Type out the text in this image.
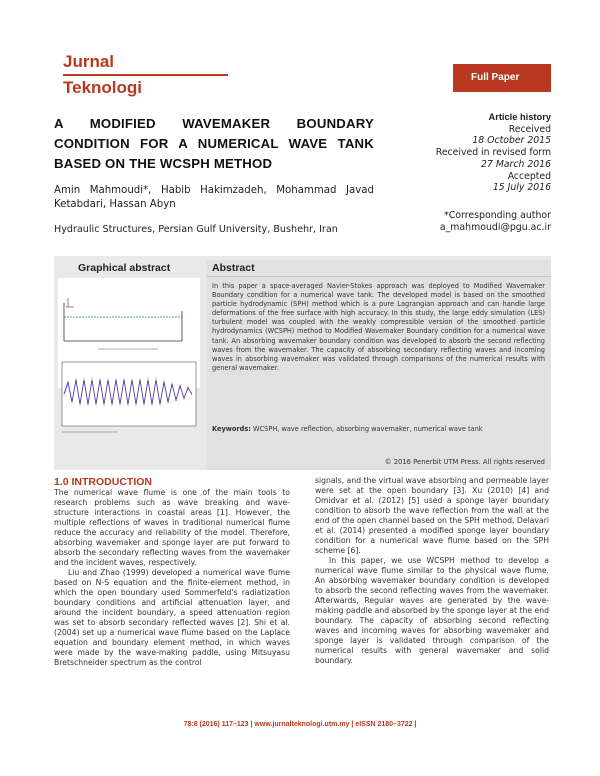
Jurnal
Teknologi
Full Paper
A MODIFIED WAVEMAKER BOUNDARY CONDITION FOR A NUMERICAL WAVE TANK BASED ON THE WCSPH METHOD
Amin Mahmoudi*, Habib Hakimzadeh, Mohammad Javad Ketabdari, Hassan Abyn
Hydraulic Structures, Persian Gulf University, Bushehr, Iran
Article history
Received
18 October 2015
Received in revised form
27 March 2016
Accepted
15 July 2016
*Corresponding author
a_mahmoudi@pgu.ac.ir
Graphical abstract	Abstract
In this paper a space-averaged Navier-Stokes approach was deployed to Modified Wavemaker Boundary condition for a numerical wave tank. The developed model is based on the smoothed particle hydrodynamic (SPH) method which is a pure Lagrangian approach and can handle large deformations of the free surface with high accuracy. In this study, the large eddy simulation (LES) turbulent model was coupled with the weakly compressible version of the smoothed particle hydrodynamics (WCSPH) method to Modified Wavemaker Boundary condition for a numerical wave tank. An absorbing wavemaker boundary condition was developed to absorb the second reflecting waves from the wavemaker. The capacity of absorbing secondary reflecting waves and incoming waves in absorbing wavemaker was validated through comparisons of the numerical results with general wavemaker.
Keywords: WCSPH, wave reflection, absorbing wavemaker, numerical wave tank
© 2016 Penerbit UTM Press. All rights reserved
1.0 INTRODUCTION

The numerical wave flume is one of the main tools to research problems such as wave breaking and wave-structure interactions in coastal areas [1]. However, the multiple reflections of waves in traditional numerical flume reduce the accuracy and reliability of the model. Therefore, absorbing wavemaker and sponge layer are put forward to absorb the secondary reflecting waves from the wavemaker and the incident waves, respectively.

Liu and Zhao (1999) developed a numerical wave flume based on N-S equation and the finite-element method, in which the open boundary used Sommerfeld's radiatization boundary conditions and artificial attenuation layer, and around the incident boundary, a speed attenuation region was set to absorb secondary reflected waves [2]. Shi et al. (2004) set up a numerical wave flume based on the Laplace equation and boundary element method, in which waves were made by the wave-making paddle, using Mitsuyasu Bretschneider spectrum as the control

signals, and the virtual wave absorbing and permeable layer were set at the open boundary [3]. Xu (2010) [4] and Omidvar et al. (2012) [5] used a sponge layer boundary condition to absorb the wave reflection from the wall at the end of the open channel based on the SPH method. Delavari et al. (2014) presented a modified sponge layer boundary condition for a numerical wave flume based on the SPH scheme [6].

In this paper, we use WCSPH method to develop a numerical wave flume similar to the physical wave flume. An absorbing wavemaker boundary condition is developed to absorb the second reflecting waves from the wavemaker. Afterwards, Regular waves are generated by the wave-making paddle and absorbed by the sponge layer at the end boundary. The capacity of absorbing second reflecting waves and incoming waves for absorbing wavemaker and sponge layer is validated through comparison of the numerical results with general wavemaker and solid boundary.

78:8 (2016) 117–123 | www.jurnalteknologi.utm.my | eISSN 2180–3722 |
